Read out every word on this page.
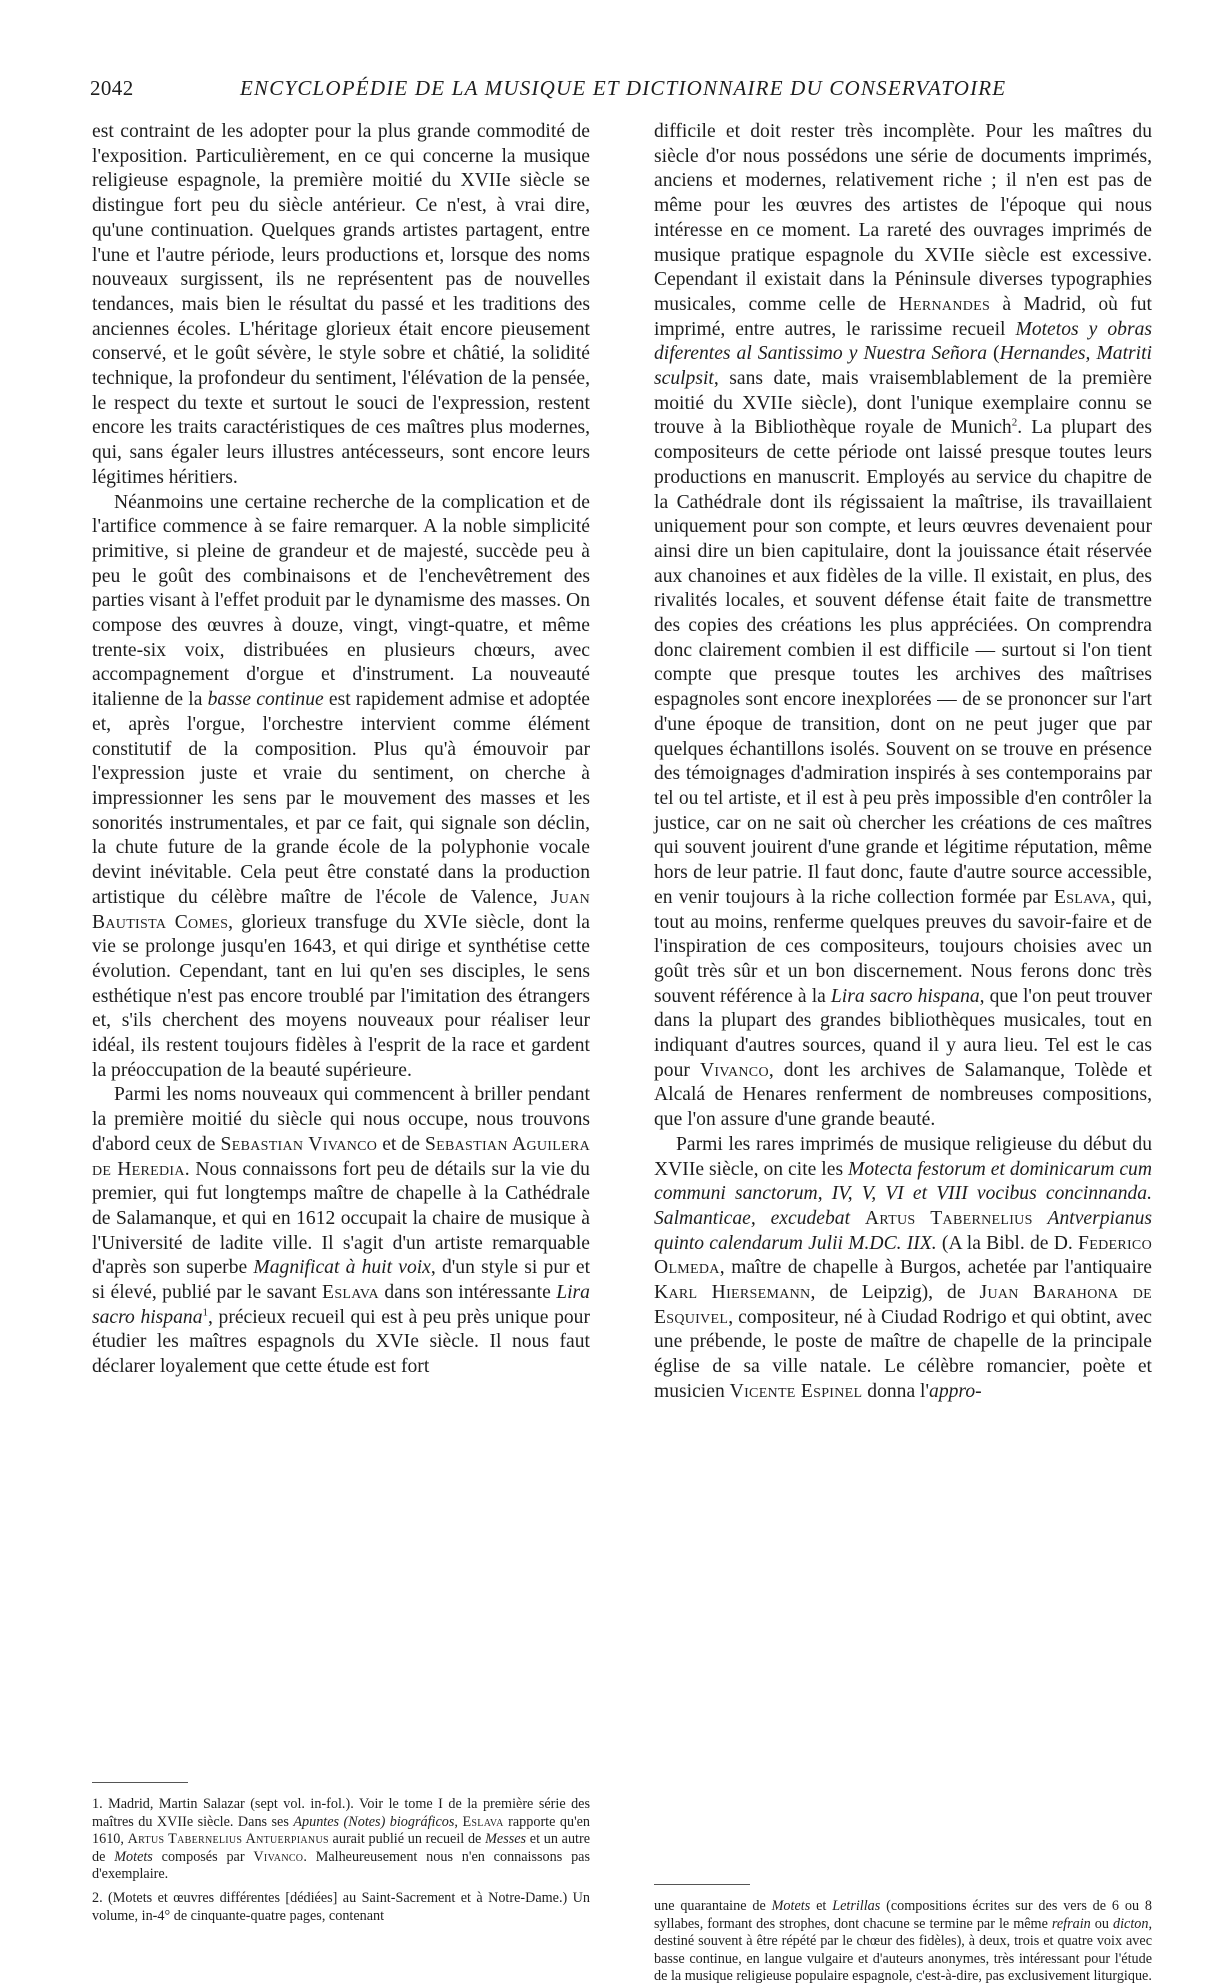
2042	ENCYCLOPÉDIE DE LA MUSIQUE ET DICTIONNAIRE DU CONSERVATOIRE

est contraint de les adopter pour la plus grande commodité de l'exposition. Particulièrement, en ce qui concerne la musique religieuse espagnole, la première moitié du XVIIe siècle se distingue fort peu du siècle antérieur. Ce n'est, à vrai dire, qu'une continuation. Quelques grands artistes partagent, entre l'une et l'autre période, leurs productions et, lorsque des noms nouveaux surgissent, ils ne représentent pas de nouvelles tendances, mais bien le résultat du passé et les traditions des anciennes écoles. L'héritage glorieux était encore pieusement conservé, et le goût sévère, le style sobre et châtié, la solidité technique, la profondeur du sentiment, l'élévation de la pensée, le respect du texte et surtout le souci de l'expression, restent encore les traits caractéristiques de ces maîtres plus modernes, qui, sans égaler leurs illustres antécesseurs, sont encore leurs légitimes héritiers.

Néanmoins une certaine recherche de la complication et de l'artifice commence à se faire remarquer. A la noble simplicité primitive, si pleine de grandeur et de majesté, succède peu à peu le goût des combinaisons et de l'enchevêtrement des parties visant à l'effet produit par le dynamisme des masses. On compose des œuvres à douze, vingt, vingt-quatre, et même trente-six voix, distribuées en plusieurs chœurs, avec accompagnement d'orgue et d'instrument. La nouveauté italienne de la basse continue est rapidement admise et adoptée et, après l'orgue, l'orchestre intervient comme élément constitutif de la composition. Plus qu'à émouvoir par l'expression juste et vraie du sentiment, on cherche à impressionner les sens par le mouvement des masses et les sonorités instrumentales, et par ce fait, qui signale son déclin, la chute future de la grande école de la polyphonie vocale devint inévitable. Cela peut être constaté dans la production artistique du célèbre maître de l'école de Valence, Juan Bautista Comes, glorieux transfuge du XVIe siècle, dont la vie se prolonge jusqu'en 1643, et qui dirige et synthétise cette évolution. Cependant, tant en lui qu'en ses disciples, le sens esthétique n'est pas encore troublé par l'imitation des étrangers et, s'ils cherchent des moyens nouveaux pour réaliser leur idéal, ils restent toujours fidèles à l'esprit de la race et gardent la préoccupation de la beauté supérieure.

Parmi les noms nouveaux qui commencent à briller pendant la première moitié du siècle qui nous occupe, nous trouvons d'abord ceux de Sebastian Vivanco et de Sebastian Aguilera de Heredia. Nous connaissons fort peu de détails sur la vie du premier, qui fut longtemps maître de chapelle à la Cathédrale de Salamanque, et qui en 1612 occupait la chaire de musique à l'Université de ladite ville. Il s'agit d'un artiste remarquable d'après son superbe Magnificat à huit voix, d'un style si pur et si élevé, publié par le savant Eslava dans son intéressante Lira sacro hispana$^1$, précieux recueil qui est à peu près unique pour étudier les maîtres espagnols du XVIe siècle. Il nous faut déclarer loyalement que cette étude est fort

difficile et doit rester très incomplète. Pour les maîtres du siècle d'or nous possédons une série de documents imprimés, anciens et modernes, relativement riche ; il n'en est pas de même pour les œuvres des artistes de l'époque qui nous intéresse en ce moment. La rareté des ouvrages imprimés de musique pratique espagnole du XVIIe siècle est excessive. Cependant il existait dans la Péninsule diverses typographies musicales, comme celle de Hernandes à Madrid, où fut imprimé, entre autres, le rarissime recueil Motetos y obras diferentes al Santissimo y Nuestra Señora (Hernandes, Matriti sculpsit, sans date, mais vraisemblablement de la première moitié du XVIIe siècle), dont l'unique exemplaire connu se trouve à la Bibliothèque royale de Munich$^2$. La plupart des compositeurs de cette période ont laissé presque toutes leurs productions en manuscrit. Employés au service du chapitre de la Cathédrale dont ils régissaient la maîtrise, ils travaillaient uniquement pour son compte, et leurs œuvres devenaient pour ainsi dire un bien capitulaire, dont la jouissance était réservée aux chanoines et aux fidèles de la ville. Il existait, en plus, des rivalités locales, et souvent défense était faite de transmettre des copies des créations les plus appréciées. On comprendra donc clairement combien il est difficile — surtout si l'on tient compte que presque toutes les archives des maîtrises espagnoles sont encore inexplorées — de se prononcer sur l'art d'une époque de transition, dont on ne peut juger que par quelques échantillons isolés. Souvent on se trouve en présence des témoignages d'admiration inspirés à ses contemporains par tel ou tel artiste, et il est à peu près impossible d'en contrôler la justice, car on ne sait où chercher les créations de ces maîtres qui souvent jouirent d'une grande et légitime réputation, même hors de leur patrie. Il faut donc, faute d'autre source accessible, en venir toujours à la riche collection formée par Eslava, qui, tout au moins, renferme quelques preuves du savoir-faire et de l'inspiration de ces compositeurs, toujours choisies avec un goût très sûr et un bon discernement. Nous ferons donc très souvent référence à la Lira sacro hispana, que l'on peut trouver dans la plupart des grandes bibliothèques musicales, tout en indiquant d'autres sources, quand il y aura lieu. Tel est le cas pour Vivanco, dont les archives de Salamanque, Tolède et Alcalá de Henares renferment de nombreuses compositions, que l'on assure d'une grande beauté.

Parmi les rares imprimés de musique religieuse du début du XVIIe siècle, on cite les Motecta festorum et dominicarum cum communi sanctorum, IV, V, VI et VIII vocibus concinnanda. Salmanticae, excudebat Artus Tabernelius Antverpianus quinto calendarum Julii M.DC. IIX. (A la Bibl. de D. Federico Olmeda, maître de chapelle à Burgos, achetée par l'antiquaire Karl Hiersemann, de Leipzig), de Juan Barahona de Esquivel, compositeur, né à Ciudad Rodrigo et qui obtint, avec une prébende, le poste de maître de chapelle de la principale église de sa ville natale. Le célèbre romancier, poète et musicien Vicente Espinel donna l'appro-

1. Madrid, Martin Salazar (sept vol. in-fol.). Voir le tome I de la première série des maîtres du XVIIe siècle. Dans ses Apuntes (Notes) biográficos, Eslava rapporte qu'en 1610, Artus Tabernelius Antuerpianus aurait publié un recueil de Messes et un autre de Motets composés par Vivanco. Malheureusement nous n'en connaissons pas d'exemplaire.

2. (Motets et œuvres différentes [dédiées] au Saint-Sacrement et à Notre-Dame.) Un volume, in-4° de cinquante-quatre pages, contenant

une quarantaine de Motets et Letrillas (compositions écrites sur des vers de 6 ou 8 syllabes, formant des strophes, dont chacune se termine par le même refrain ou dicton, destiné souvent à être répété par le chœur des fidèles), à deux, trois et quatre voix avec basse continue, en langue vulgaire et d'auteurs anonymes, très intéressant pour l'étude de la musique religieuse populaire espagnole, c'est-à-dire, pas exclusivement liturgique.
